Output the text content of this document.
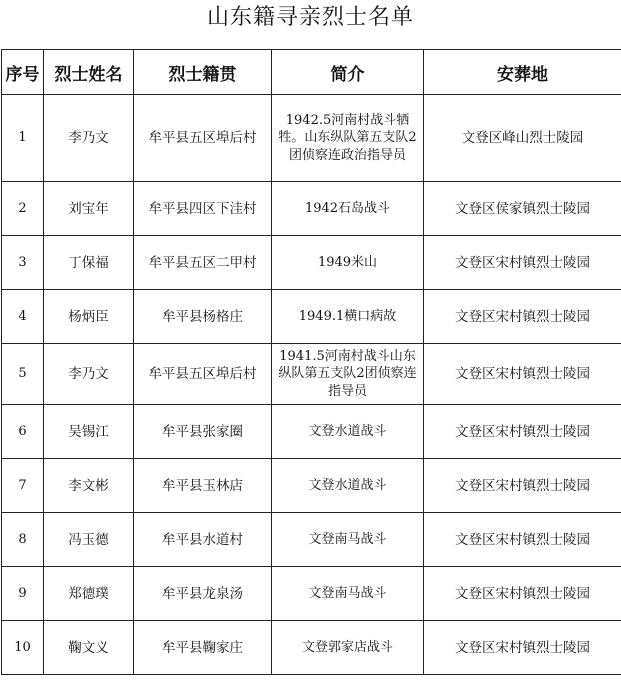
山东籍寻亲烈士名单
序号	烈士姓名	烈士籍贯	简介	安葬地
1	李乃文	牟平县五区埠后村	1942.5河南村战斗牺牲。山东纵队第五支队2团侦察连政治指导员	文登区峰山烈士陵园
2	刘宝年	牟平县四区下洼村	1942石岛战斗	文登区侯家镇烈士陵园
3	丁保福	牟平县五区二甲村	1949米山	文登区宋村镇烈士陵园
4	杨炳臣	牟平县杨格庄	1949.1横口病故	文登区宋村镇烈士陵园
5	李乃文	牟平县五区埠后村	1941.5河南村战斗山东纵队第五支队2团侦察连指导员	文登区宋村镇烈士陵园
6	吴锡江	牟平县张家圈	文登水道战斗	文登区宋村镇烈士陵园
7	李文彬	牟平县玉林店	文登水道战斗	文登区宋村镇烈士陵园
8	冯玉德	牟平县水道村	文登南马战斗	文登区宋村镇烈士陵园
9	郑德璞	牟平县龙泉汤	文登南马战斗	文登区宋村镇烈士陵园
10	鞠文义	牟平县鞠家庄	文登郭家店战斗	文登区宋村镇烈士陵园
